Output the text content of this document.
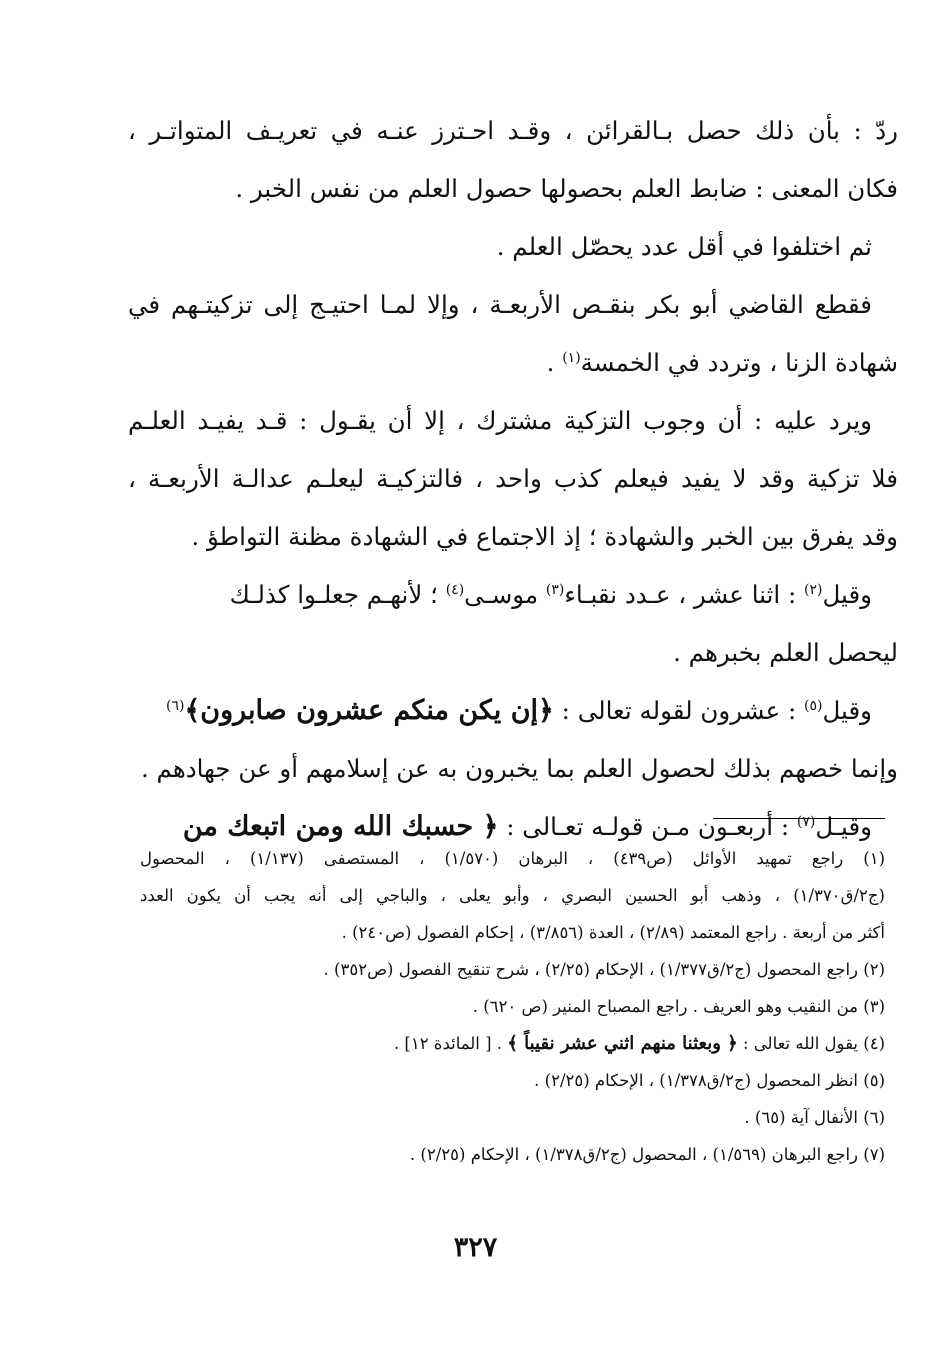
ردّ : بأن ذلك حصل بـالقرائن ، وقـد احـترز عنـه في تعريـف المتواتـر ،
فكان المعنى : ضابط العلم بحصولها حصول العلم من نفس الخبر .
ثم اختلفوا في أقل عدد يحصّل العلم .
فقطع القاضي أبو بكر بنقـص الأربعـة ، وإلا لمـا احتيـج إلى تزكيتـهم في
شهادة الزنا ، وتردد في الخمسة$^{(١)}$ .
ويرد عليه : أن وجوب التزكية مشترك ، إلا أن يقـول : قـد يفيـد العلـم
فلا تزكية وقد لا يفيد فيعلم كذب واحد ، فالتزكيـة ليعلـم عدالـة الأربعـة ،
وقد يفرق بين الخبر والشهادة ؛ إذ الاجتماع في الشهادة مظنة التواطؤ .
وقيل$^{(٢)}$ : اثنا عشر ، عـدد نقبـاء$^{(٣)}$ موسـى$^{(٤)}$ ؛ لأنهـم جعلـوا كذلـك
ليحصل العلم بخبرهم .
وقيل$^{(٥)}$ : عشرون لقوله تعالى : ﴿إن يكن منكم عشرون صابرون﴾$^{(٦)}$
وإنما خصهم بذلك لحصول العلم بما يخبرون به عن إسلامهم أو عن جهادهم .
وقيـل$^{(٧)}$ : أربعـون مـن قولـه تعـالى : ﴿ حسبك الله ومن اتبعك من
(١) راجع تمهيد الأوائل (ص٤٣٩) ، البرهان (١/٥٧٠) ، المستصفى (١/١٣٧) ، المحصول
(ج٢/ق١/٣٧٠) ، وذهب أبو الحسين البصري ، وأبو يعلى ، والباجي إلى أنه يجب أن يكون العدد
أكثر من أربعة . راجع المعتمد (٢/٨٩) ، العدة (٣/٨٥٦) ، إحكام الفصول (ص٢٤٠) .
(٢) راجع المحصول (ج٢/ق١/٣٧٧) ، الإحكام (٢/٢٥) ، شرح تنقيح الفصول (ص٣٥٢) .
(٣) من النقيب وهو العريف . راجع المصباح المنير (ص ٦٢٠) .
(٤) يقول الله تعالى : ﴿ وبعثنا منهم اثني عشر نقيباً ﴾ . [ المائدة ١٢] .
(٥) انظر المحصول (ج٢/ق١/٣٧٨) ، الإحكام (٢/٢٥) .
(٦) الأنفال آية (٦٥) .
(٧) راجع البرهان (١/٥٦٩) ، المحصول (ج٢/ق١/٣٧٨) ، الإحكام (٢/٢٥) .
٣٢٧
